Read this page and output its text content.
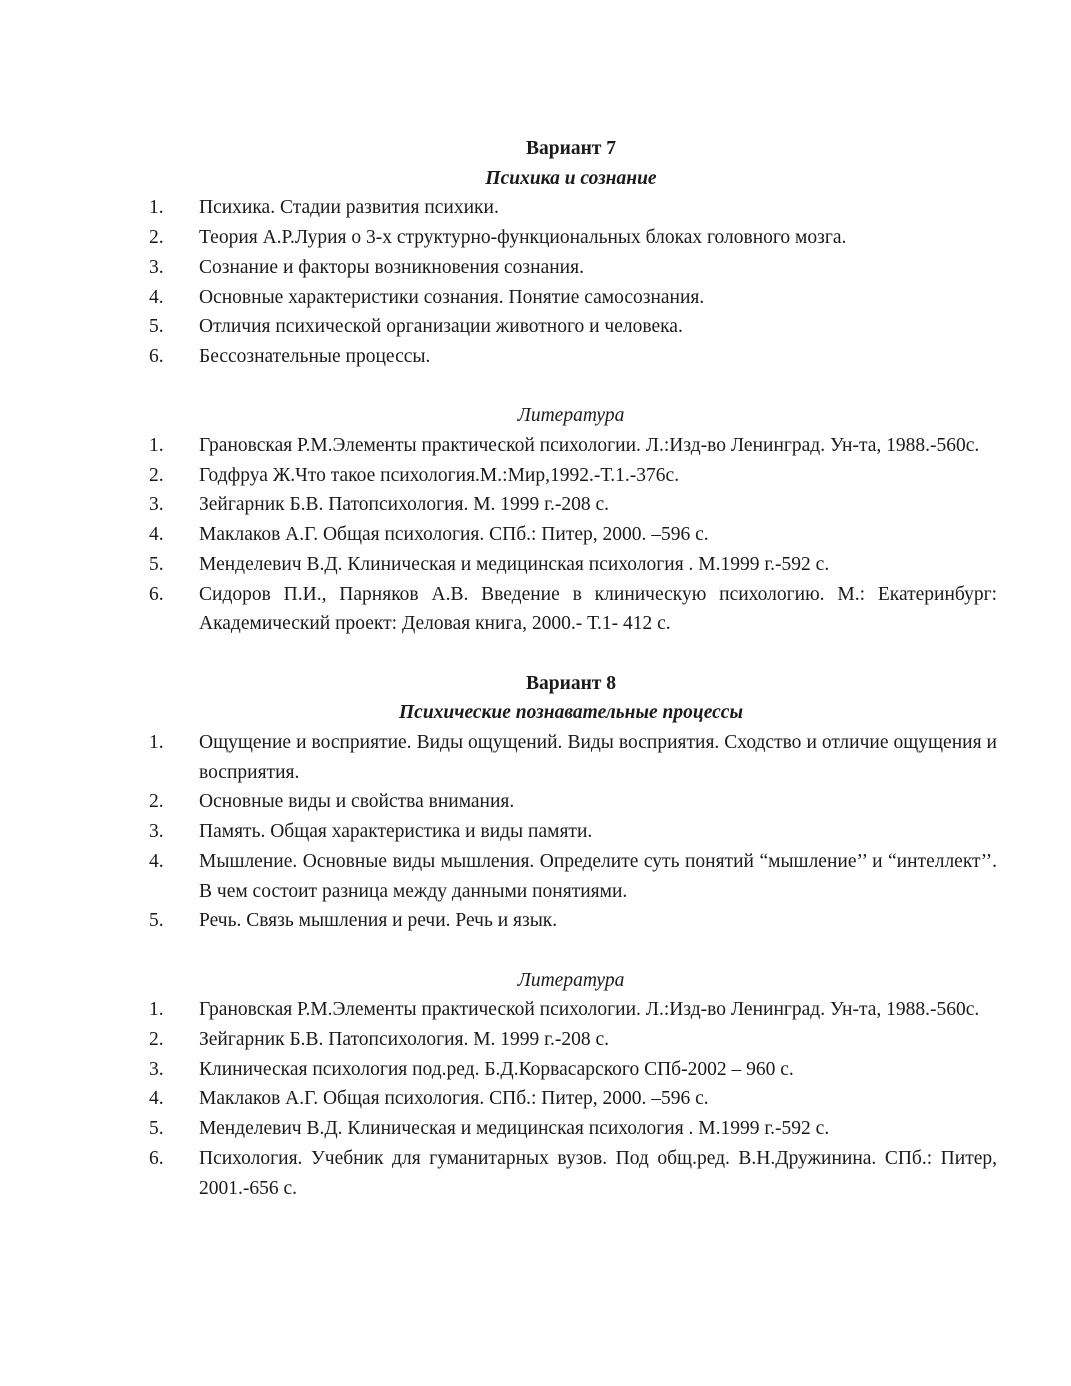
Вариант 7

Психика и сознание

1.	Психика. Стадии развития психики.
2.	Теория А.Р.Лурия о 3-х структурно-функциональных блоках головного мозга.
3.	Сознание и факторы возникновения сознания.
4.	Основные характеристики сознания. Понятие самосознания.
5.	Отличия психической организации животного и человека.
6.	Бессознательные процессы.

Литература

1.	Грановская Р.М.Элементы практической психологии. Л.:Изд-во Ленинград. Ун-та, 1988.-560с.
2.	Годфруа Ж.Что такое психология.М.:Мир,1992.-Т.1.-376с.
3.	Зейгарник Б.В. Патопсихология. М. 1999 г.-208 с.
4.	Маклаков А.Г. Общая психология. СПб.: Питер, 2000. –596 с.
5.	Менделевич В.Д. Клиническая и медицинская психология . М.1999 г.-592 с.
6.	Сидоров П.И., Парняков А.В. Введение в клиническую психологию. М.: Екатеринбург: Академический проект: Деловая книга, 2000.- Т.1- 412 с.

Вариант 8

Психические познавательные процессы

1.	Ощущение и восприятие. Виды ощущений. Виды восприятия. Сходство и отличие ощущения и восприятия.
2.	Основные виды и свойства внимания.
3.	Память. Общая характеристика и виды памяти.
4.	Мышление. Основные виды мышления. Определите суть понятий “мышление’’ и “интеллект’’. В чем состоит разница между данными понятиями.
5.	Речь. Связь мышления и речи. Речь и язык.

Литература

1.	Грановская Р.М.Элементы практической психологии. Л.:Изд-во Ленинград. Ун-та, 1988.-560с.
2.	Зейгарник Б.В. Патопсихология. М. 1999 г.-208 с.
3.	Клиническая психология под.ред. Б.Д.Корвасарского СПб-2002 – 960 с.
4.	Маклаков А.Г. Общая психология. СПб.: Питер, 2000. –596 с.
5.	Менделевич В.Д. Клиническая и медицинская психология . М.1999 г.-592 с.
6.	Психология. Учебник для гуманитарных вузов. Под общ.ред. В.Н.Дружинина. СПб.: Питер, 2001.-656 с.
